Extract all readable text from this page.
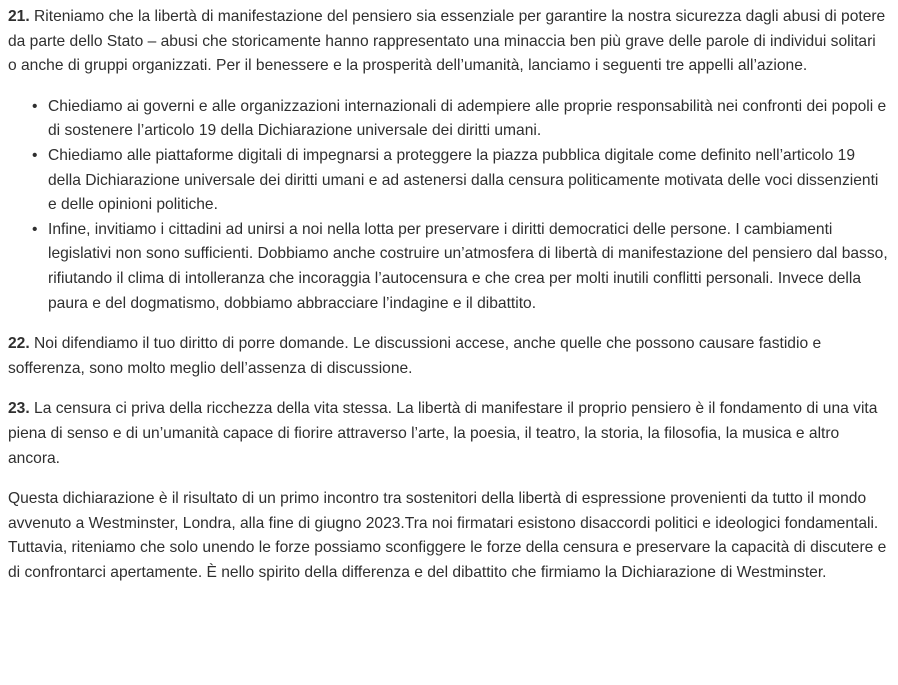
21. Riteniamo che la libertà di manifestazione del pensiero sia essenziale per garantire la nostra sicurezza dagli abusi di potere da parte dello Stato – abusi che storicamente hanno rappresentato una minaccia ben più grave delle parole di individui solitari o anche di gruppi organizzati. Per il benessere e la prosperità dell’umanità, lanciamo i seguenti tre appelli all’azione.

• Chiediamo ai governi e alle organizzazioni internazionali di adempiere alle proprie responsabilità nei confronti dei popoli e di sostenere l’articolo 19 della Dichiarazione universale dei diritti umani.
• Chiediamo alle piattaforme digitali di impegnarsi a proteggere la piazza pubblica digitale come definito nell’articolo 19 della Dichiarazione universale dei diritti umani e ad astenersi dalla censura politicamente motivata delle voci dissenzienti e delle opinioni politiche.
• Infine, invitiamo i cittadini ad unirsi a noi nella lotta per preservare i diritti democratici delle persone. I cambiamenti legislativi non sono sufficienti. Dobbiamo anche costruire un’atmosfera di libertà di manifestazione del pensiero dal basso, rifiutando il clima di intolleranza che incoraggia l’autocensura e che crea per molti inutili conflitti personali. Invece della paura e del dogmatismo, dobbiamo abbracciare l’indagine e il dibattito.

22. Noi difendiamo il tuo diritto di porre domande. Le discussioni accese, anche quelle che possono causare fastidio e sofferenza, sono molto meglio dell’assenza di discussione.

23. La censura ci priva della ricchezza della vita stessa. La libertà di manifestare il proprio pensiero è il fondamento di una vita piena di senso e di un’umanità capace di fiorire attraverso l’arte, la poesia, il teatro, la storia, la filosofia, la musica e altro ancora.

Questa dichiarazione è il risultato di un primo incontro tra sostenitori della libertà di espressione provenienti da tutto il mondo avvenuto a Westminster, Londra, alla fine di giugno 2023.Tra noi firmatari esistono disaccordi politici e ideologici fondamentali. Tuttavia, riteniamo che solo unendo le forze possiamo sconfiggere le forze della censura e preservare la capacità di discutere e di confrontarci apertamente. È nello spirito della differenza e del dibattito che firmiamo la Dichiarazione di Westminster.
